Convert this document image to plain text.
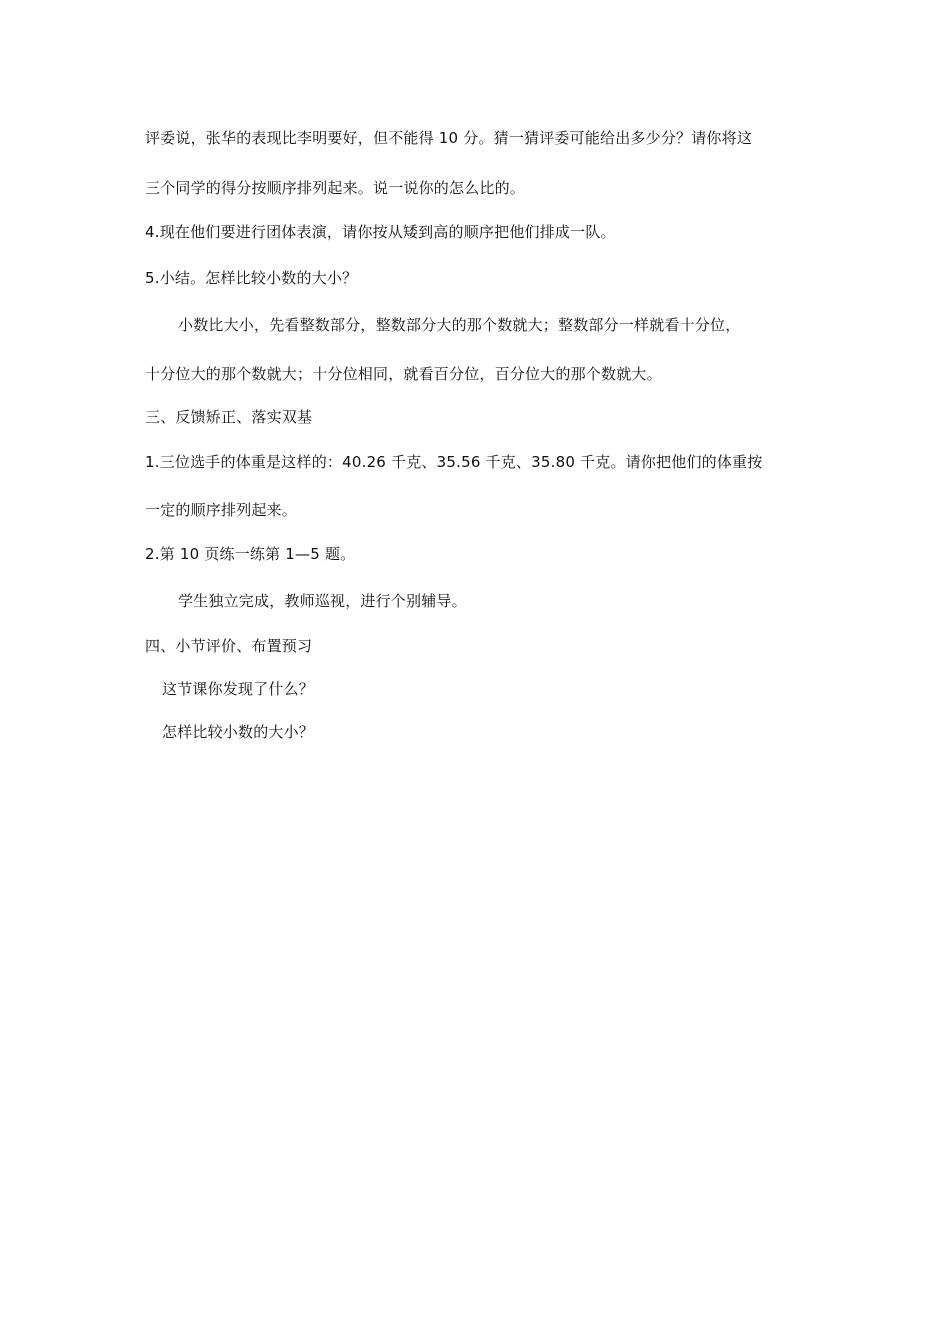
评委说，张华的表现比李明要好，但不能得 10 分。猜一猜评委可能给出多少分？请你将这
三个同学的得分按顺序排列起来。说一说你的怎么比的。
4.现在他们要进行团体表演，请你按从矮到高的顺序把他们排成一队。
5.小结。怎样比较小数的大小？
小数比大小，先看整数部分，整数部分大的那个数就大；整数部分一样就看十分位，
十分位大的那个数就大；十分位相同，就看百分位，百分位大的那个数就大。
三、反馈矫正、落实双基
1.三位选手的体重是这样的：40.26 千克、35.56 千克、35.80 千克。请你把他们的体重按
一定的顺序排列起来。
2.第 10 页练一练第 1—5 题。
学生独立完成，教师巡视，进行个别辅导。
四、小节评价、布置预习
这节课你发现了什么？
怎样比较小数的大小？
